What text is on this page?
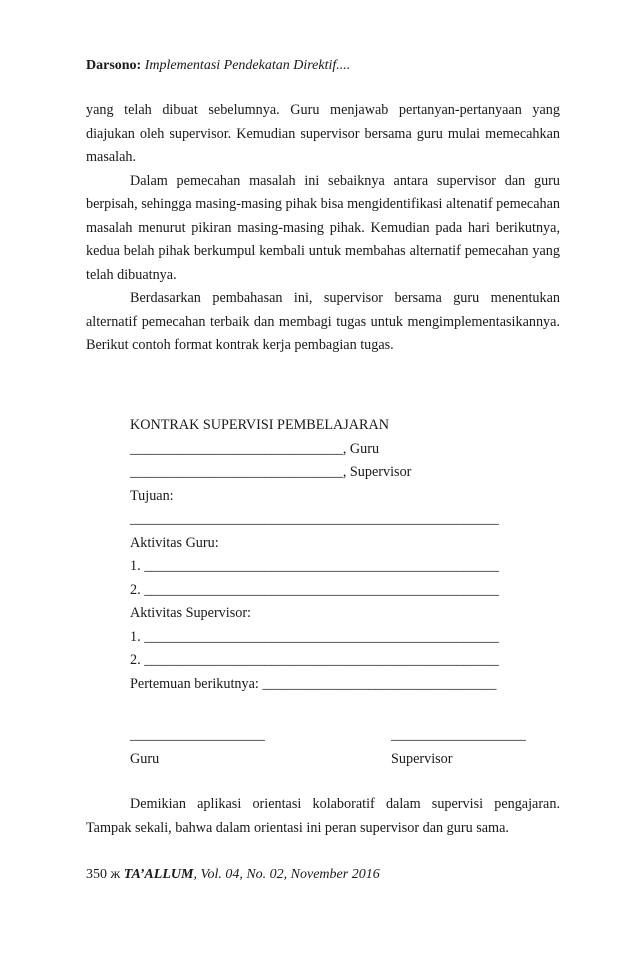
Darsono: Implementasi Pendekatan Direktif....

yang telah dibuat sebelumnya. Guru menjawab pertanyan-pertanyaan yang diajukan oleh supervisor. Kemudian supervisor bersama guru mulai memecahkan masalah.

Dalam pemecahan masalah ini sebaiknya antara supervisor dan guru berpisah, sehingga masing-masing pihak bisa mengidentifikasi altenatif pemecahan masalah menurut pikiran masing-masing pihak. Kemudian pada hari berikutnya, kedua belah pihak berkumpul kembali untuk membahas alternatif pemecahan yang telah dibuatnya.

Berdasarkan pembahasan ini, supervisor bersama guru menentukan alternatif pemecahan terbaik dan membagi tugas untuk mengimplementasikannya. Berikut contoh format kontrak kerja pembagian tugas.

KONTRAK SUPERVISI PEMBELAJARAN
______________________________, Guru
______________________________, Supervisor
Tujuan:
____________________________________________________
Aktivitas Guru:
1. __________________________________________________
2. __________________________________________________
Aktivitas Supervisor:
1. __________________________________________________
2. __________________________________________________
Pertemuan berikutnya: _________________________________
___________________
Guru
___________________
Supervisor

Demikian aplikasi orientasi kolaboratif dalam supervisi pengajaran. Tampak sekali, bahwa dalam orientasi ini peran supervisor dan guru sama.

350 ж TA’ALLUM, Vol. 04, No. 02, November 2016
